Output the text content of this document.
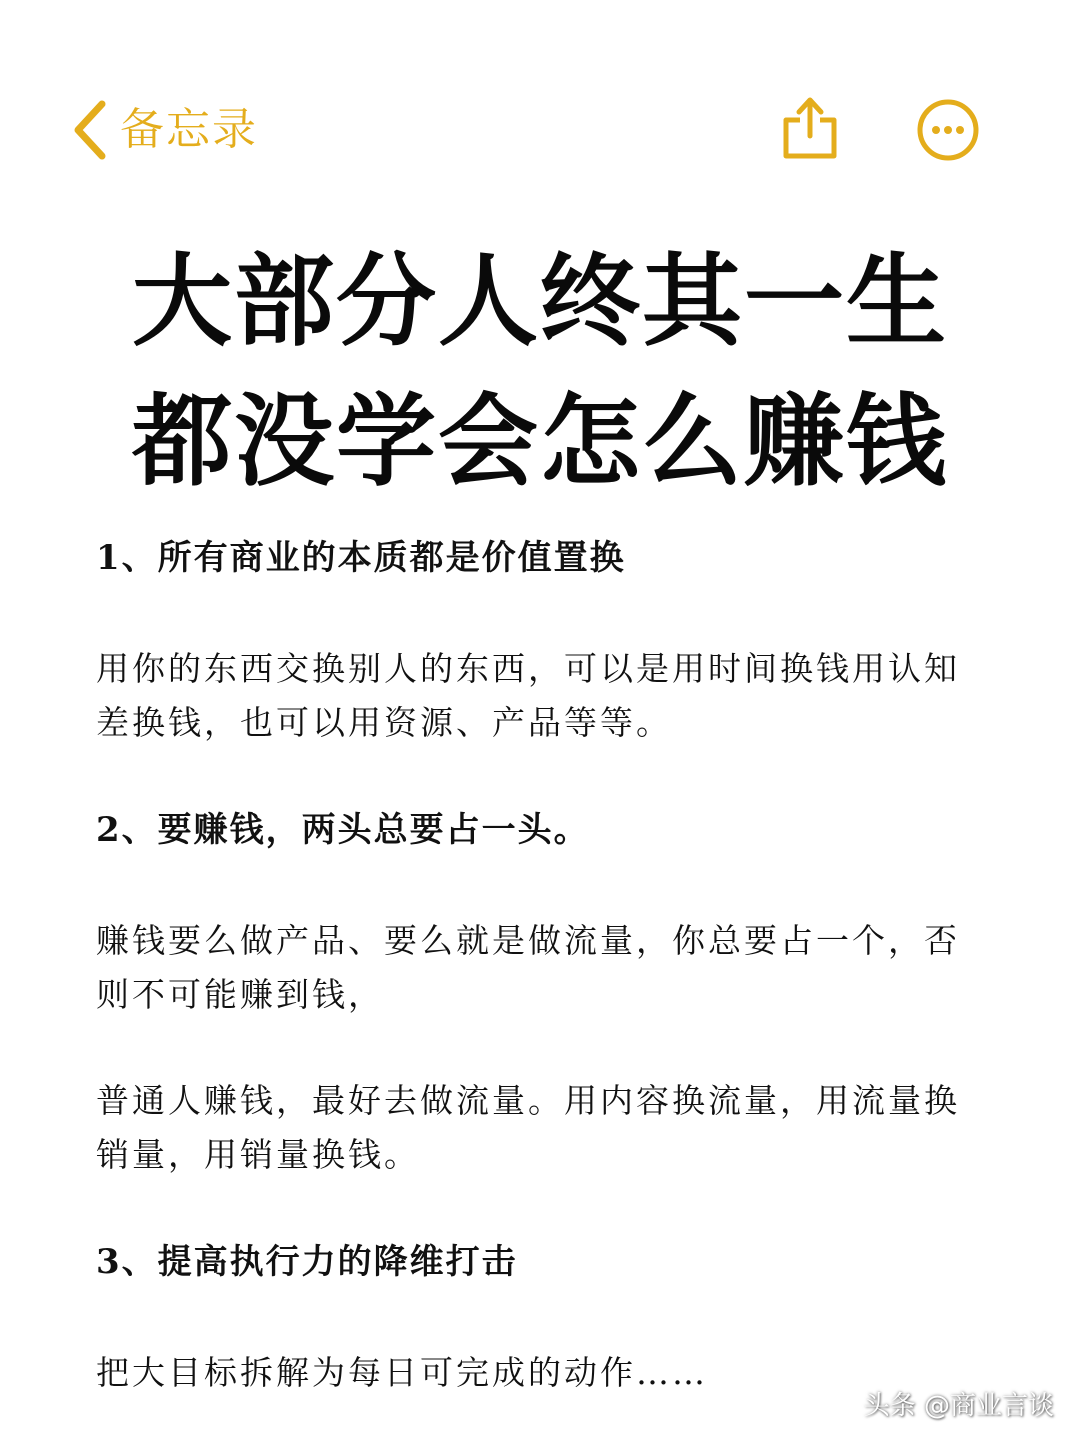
备忘录
大部分人终其一生
都没学会怎么赚钱

1、所有商业的本质都是价值置换

用你的东西交换别人的东西，可以是用时间换钱用认知差换钱，也可以用资源、产品等等。

2、要赚钱，两头总要占一头。

赚钱要么做产品、要么就是做流量，你总要占一个，否则不可能赚到钱，

普通人赚钱，最好去做流量。用内容换流量，用流量换销量，用销量换钱。

3、提高执行力的降维打击

把大目标拆解为每日可完成的动作……

头条 @商业言谈
